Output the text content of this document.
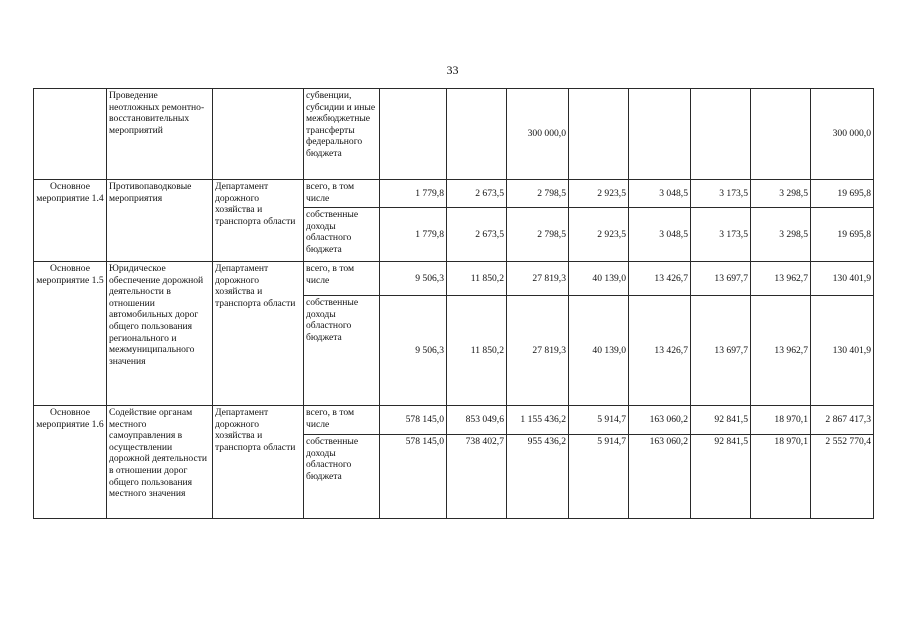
33
	Проведение неотложных ремонтно-восстановительных мероприятий		субвенции, субсидии и иные межбюджетные трансферты федерального бюджета			300 000,0					300 000,0
Основное мероприятие 1.4	Противопаводковые мероприятия	Департамент дорожного хозяйства и транспорта области	всего, в том числе	1 779,8	2 673,5	2 798,5	2 923,5	3 048,5	3 173,5	3 298,5	19 695,8
			собственные доходы областного бюджета	1 779,8	2 673,5	2 798,5	2 923,5	3 048,5	3 173,5	3 298,5	19 695,8
Основное мероприятие 1.5	Юридическое обеспечение дорожной деятельности в отношении автомобильных дорог общего пользования регионального и межмуниципального значения	Департамент дорожного хозяйства и транспорта области	всего, в том числе	9 506,3	11 850,2	27 819,3	40 139,0	13 426,7	13 697,7	13 962,7	130 401,9
			собственные доходы областного бюджета	9 506,3	11 850,2	27 819,3	40 139,0	13 426,7	13 697,7	13 962,7	130 401,9
Основное мероприятие 1.6	Содействие органам местного самоуправления в осуществлении дорожной деятельности в отношении дорог общего пользования местного значения	Департамент дорожного хозяйства и транспорта области	всего, в том числе	578 145,0	853 049,6	1 155 436,2	5 914,7	163 060,2	92 841,5	18 970,1	2 867 417,3
			собственные доходы областного бюджета	578 145,0	738 402,7	955 436,2	5 914,7	163 060,2	92 841,5	18 970,1	2 552 770,4
